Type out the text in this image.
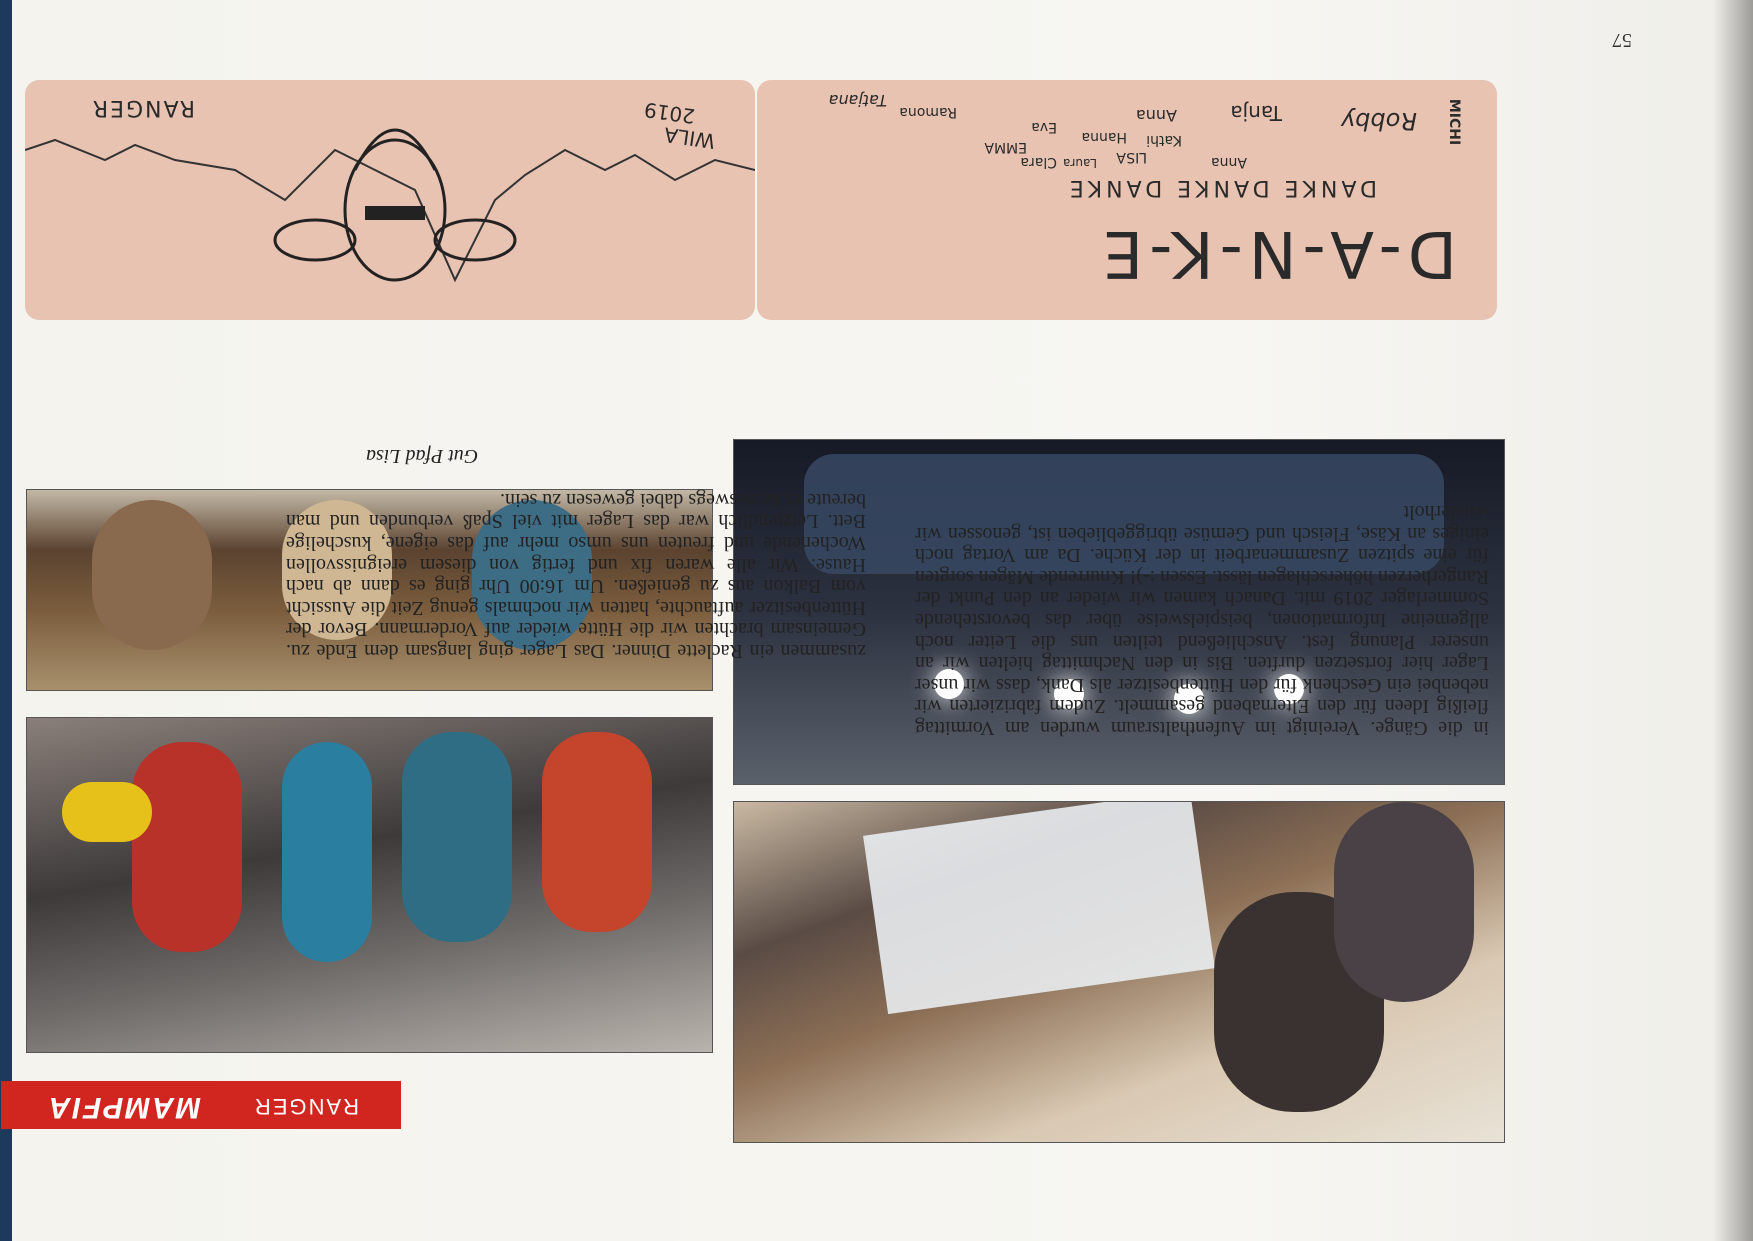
57
RANGER
MAMPFIA

in die Gänge. Vereinigt im Aufenthaltsraum wurden am Vormittag fleißig Ideen für den Elternabend gesammelt. Zudem fabrizierten wir nebenbei ein Geschenk für den Hüttenbesitzer als Dank, dass wir unser Lager hier fortsetzen durften. Bis in den Nachmittag hielten wir an unserer Planung fest. Anschließend teilten uns die Leiter noch allgemeine Informationen, beispielsweise über das bevorstehende Sommerlager 2019 mit. Danach kamen wir wieder an den Punkt der Rangerherzen höherschlagen lässt. Essen :-)! Knurrende Mägen sorgten für eine spitzen Zusammenarbeit in der Küche. Da am Vortag noch einiges an Käse, Fleisch und Gemüse übriggeblieben ist, genossen wir wiederholt

zusammen ein Raclette Dinner. Das Lager ging langsam dem Ende zu. Gemeinsam brachten wir die Hütte wieder auf Vordermann. Bevor der Hüttenbesitzer auftauchte, hatten wir nochmals genug Zeit die Aussicht vom Balkon aus zu genießen. Um 16:00 Uhr ging es dann ab nach Hause. Wir alle waren fix und fertig von diesem ereignissvollen Wochenende und freuten uns umso mehr auf das eigene, kuschelige Bett. Letztendlich war das Lager mit viel Spaß verbunden und man bereute es keineswegs dabei gewesen zu sein.

Gut Pfad Lisa

MICHI
D-A-N-K-E
DANKE DANKE DANKE
Clara
EMMA
Laura LISA
Eva
Hanna Kathi
Anna
Anna
Ramona
Tatjana
Tanja Robby
WILA
2019
RANGER
